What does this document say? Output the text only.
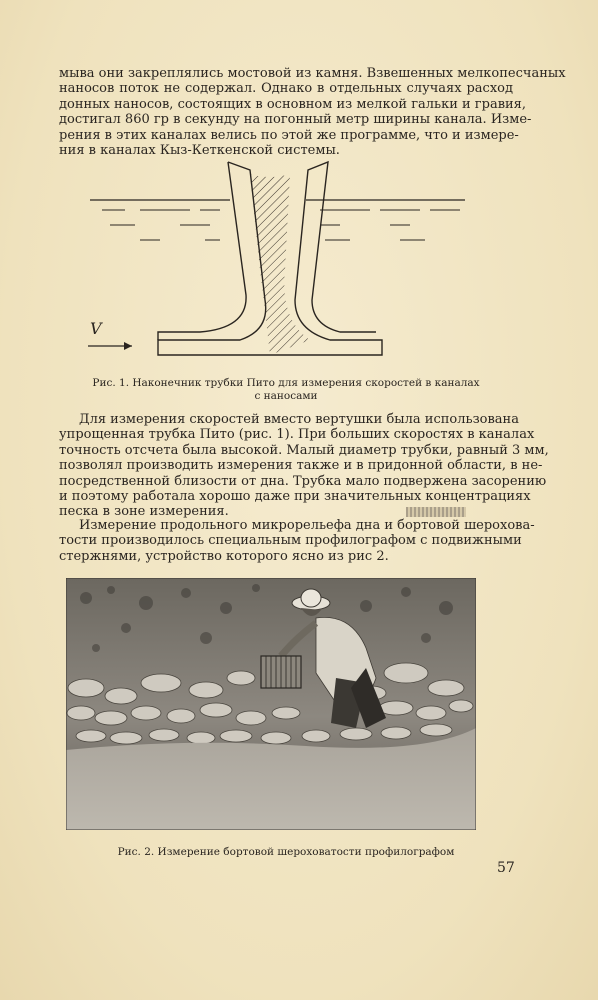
мыва они закреплялись мостовой из камня. Взвешенных мелкопесчаных
наносов поток не содержал. Однако в отдельных случаях расход
донных наносов, состоящих в основном из мелкой гальки и гравия,
достигал 860 гр в секунду на погонный метр ширины канала. Изме-
рения в этих каналах велись по этой же программе, что и измере-
ния в каналах Кыз-Кеткенской системы.
V
Рис. 1. Наконечник трубки Пито для измерения скоростей в каналах
с наносами
Для измерения скоростей вместо вертушки была использована
упрощенная трубка Пито (рис. 1). При больших скоростях в каналах
точность отсчета была высокой. Малый диаметр трубки, равный 3 мм,
позволял производить измерения также и в придонной области, в не-
посредственной близости от дна. Трубка мало подвержена засорению
и поэтому работала хорошо даже при значительных концентрациях
песка в зоне измерения.
Измерение продольного микрорельефа дна и бортовой шероховa-
тости производилось специальным профилографом с подвижными
стержнями, устройство которого ясно из рис 2.
Рис. 2. Измерение бортовой шероховатости профилографом
57
